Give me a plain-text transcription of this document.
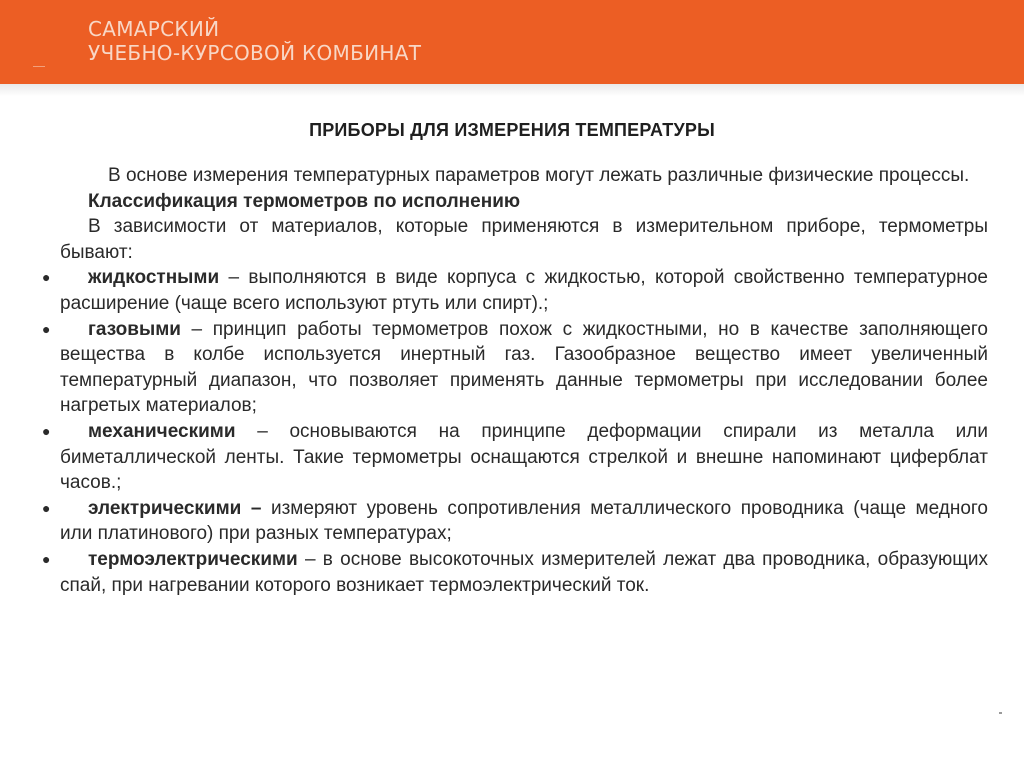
САМАРСКИЙ
УЧЕБНО-КУРСОВОЙ КОМБИНАТ
ПРИБОРЫ ДЛЯ ИЗМЕРЕНИЯ ТЕМПЕРАТУРЫ

В основе измерения температурных параметров могут лежать различные физические процессы.

Классификация термометров по исполнению

В зависимости от материалов, которые применяются в измерительном приборе, термометры бывают:

● жидкостными – выполняются в виде корпуса с жидкостью, которой свойственно температурное расширение (чаще всего используют ртуть или спирт).;

● газовыми – принцип работы термометров похож с жидкостными, но в качестве заполняющего вещества в колбе используется инертный газ. Газообразное вещество имеет увеличенный температурный диапазон, что позволяет применять данные термометры при исследовании более нагретых материалов;

● механическими – основываются на принципе деформации спирали из металла или биметаллической ленты. Такие термометры оснащаются стрелкой и внешне напоминают циферблат часов.;

● электрическими – измеряют уровень сопротивления металлического проводника (чаще медного или платинового) при разных температурах;

● термоэлектрическими – в основе высокоточных измерителей лежат два проводника, образующих спай, при нагревании которого возникает термоэлектрический ток.
